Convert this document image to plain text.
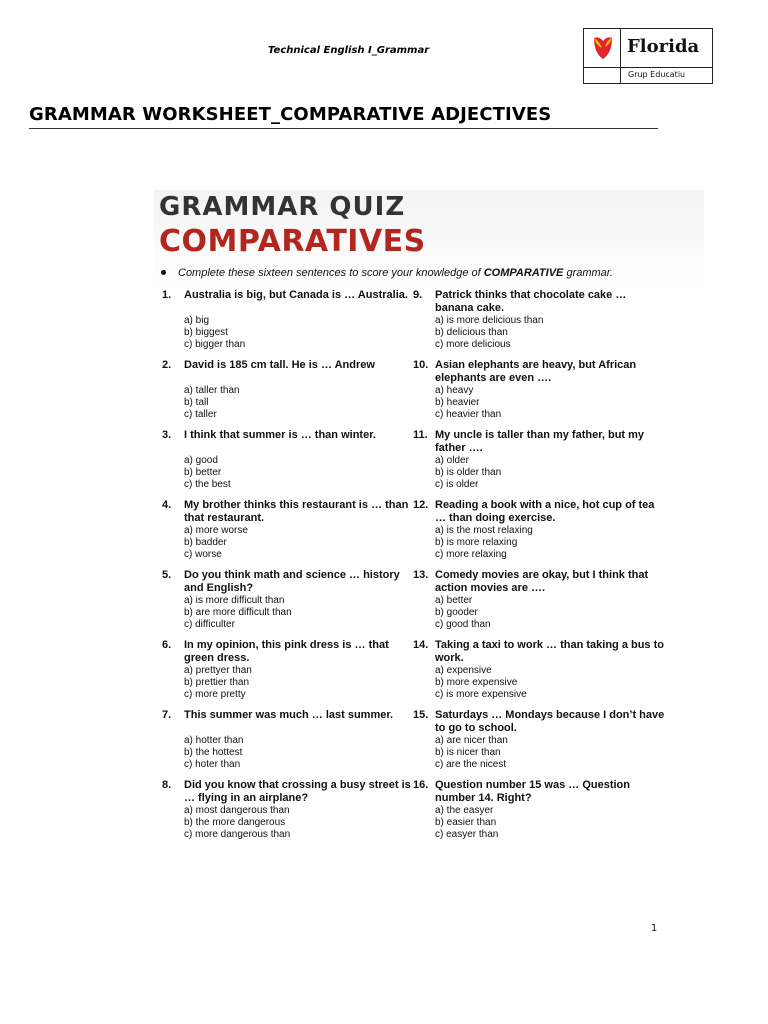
Technical English I_Grammar	Florida
Grup Educatiu
GRAMMAR WORKSHEET_COMPARATIVE ADJECTIVES
GRAMMAR QUIZ
COMPARATIVES
Complete these sixteen sentences to score your knowledge of COMPARATIVE grammar.
1. Australia is big, but Canada is … Australia.
a) big
b) biggest
c) bigger than
2. David is 185 cm tall. He is … Andrew
a) taller than
b) tall
c) taller
3. I think that summer is … than winter.
a) good
b) better
c) the best
4. My brother thinks this restaurant is … than that restaurant.
a) more worse
b) badder
c) worse
5. Do you think math and science … history and English?
a) is more difficult than
b) are more difficult than
c) difficulter
6. In my opinion, this pink dress is … that green dress.
a) prettyer than
b) prettier than
c) more pretty
7. This summer was much … last summer.
a) hotter than
b) the hottest
c) hoter than
8. Did you know that crossing a busy street is … flying in an airplane?
a) most dangerous than
b) the more dangerous
c) more dangerous than
9. Patrick thinks that chocolate cake … banana cake.
a) is more delicious than
b) delicious than
c) more delicious
10. Asian elephants are heavy, but African elephants are even ….
a) heavy
b) heavier
c) heavier than
11. My uncle is taller than my father, but my father ….
a) older
b) is older than
c) is older
12. Reading a book with a nice, hot cup of tea … than doing exercise.
a) is the most relaxing
b) is more relaxing
c) more relaxing
13. Comedy movies are okay, but I think that action movies are ….
a) better
b) gooder
c) good than
14. Taking a taxi to work … than taking a bus to work.
a) expensive
b) more expensive
c) is more expensive
15. Saturdays … Mondays because I don’t have to go to school.
a) are nicer than
b) is nicer than
c) are the nicest
16. Question number 15 was … Question number 14. Right?
a) the easyer
b) easier than
c) easyer than
1
